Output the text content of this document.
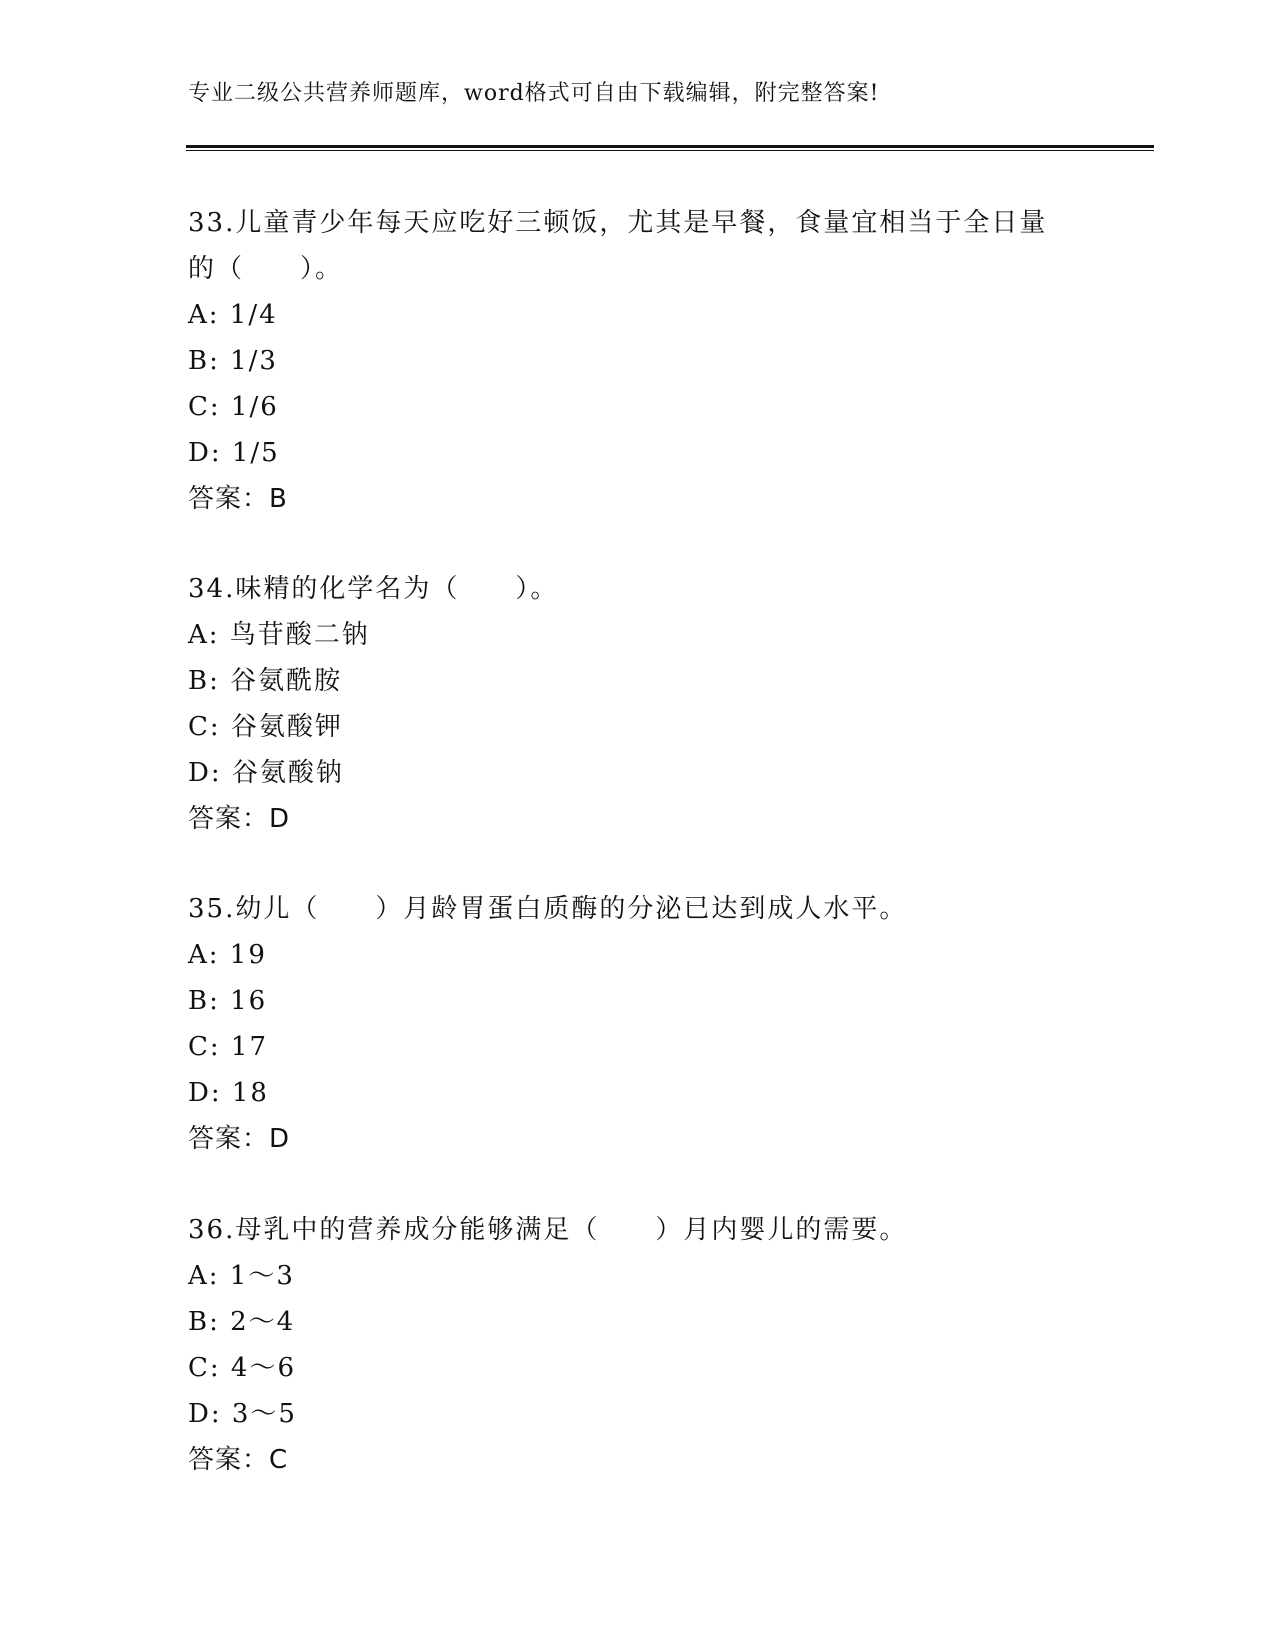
专业二级公共营养师题库，word格式可自由下载编辑，附完整答案!
33.儿童青少年每天应吃好三顿饭，尤其是早餐，食量宜相当于全日量
的（　　）。
A: 1/4
B: 1/3
C: 1/6
D: 1/5
答案：B
34.味精的化学名为（　　）。
A: 鸟苷酸二钠
B: 谷氨酰胺
C: 谷氨酸钾
D: 谷氨酸钠
答案：D
35.幼儿（　　）月龄胃蛋白质酶的分泌已达到成人水平。
A: 19
B: 16
C: 17
D: 18
答案：D
36.母乳中的营养成分能够满足（　　）月内婴儿的需要。
A: 1～3
B: 2～4
C: 4～6
D: 3～5
答案：C
